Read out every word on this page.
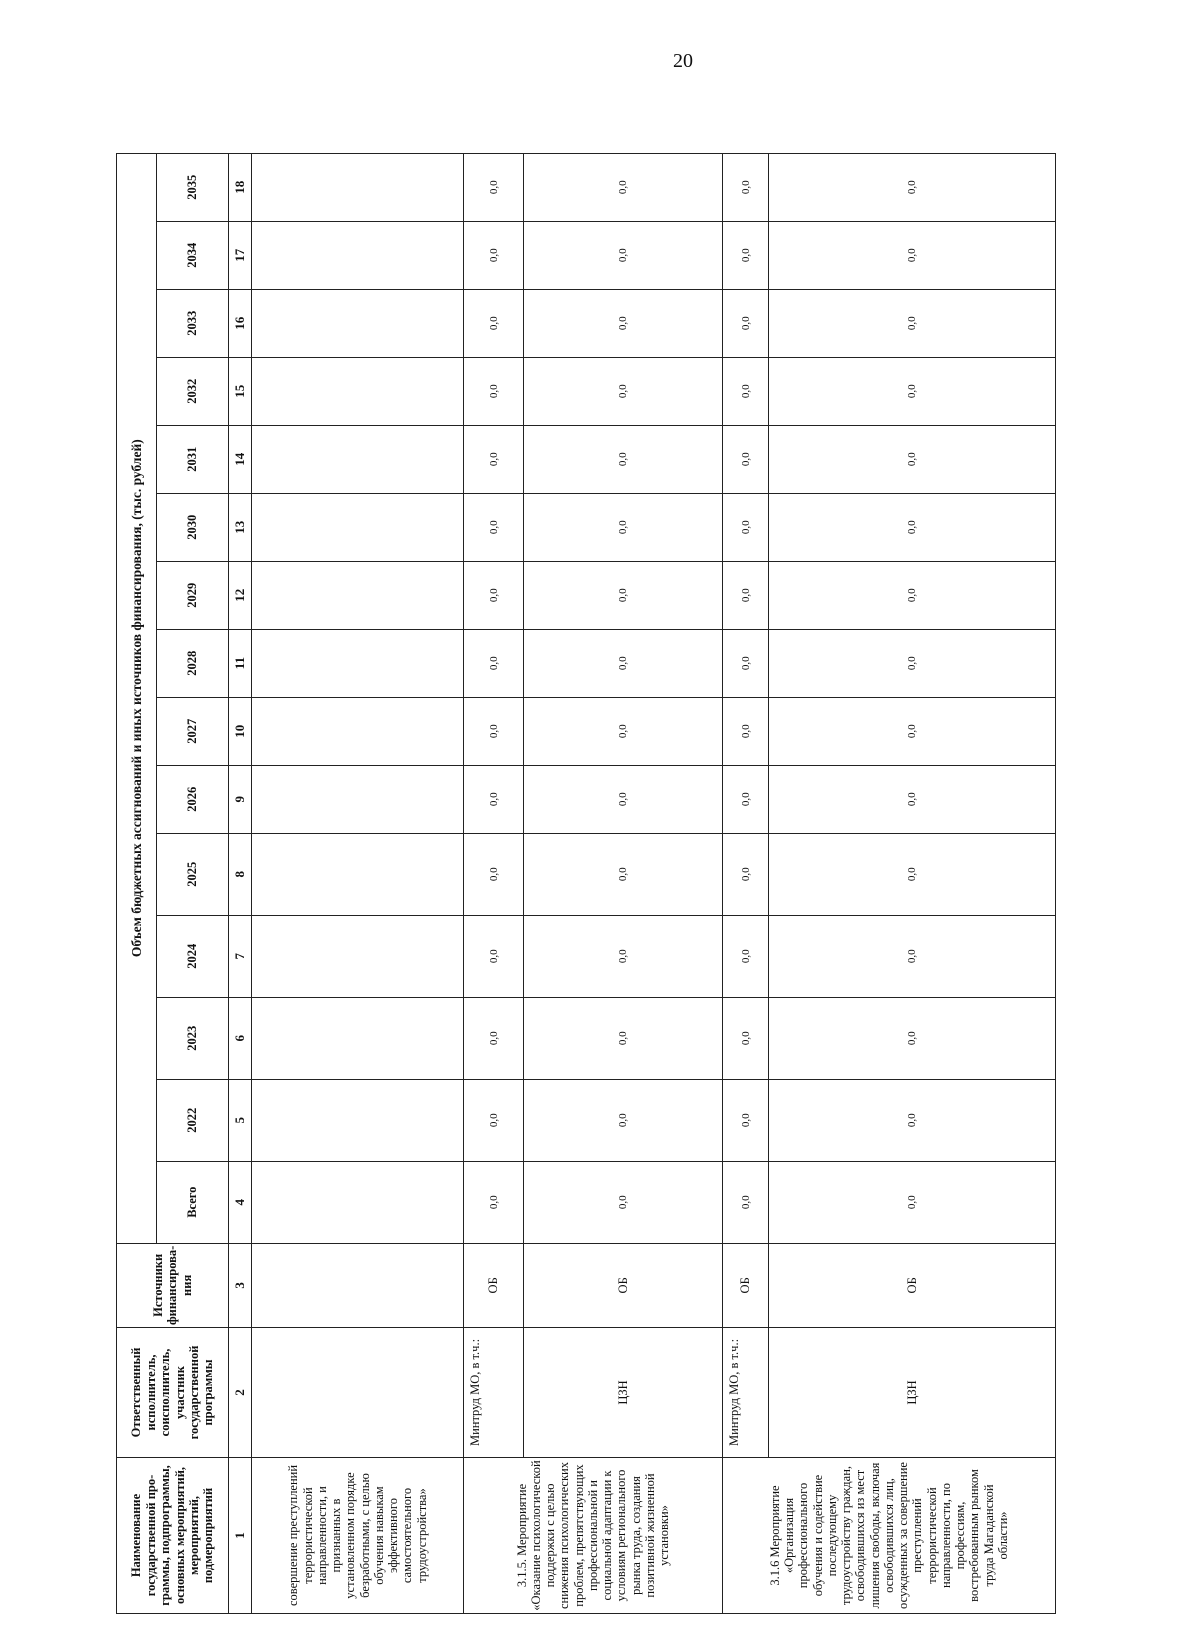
20
Наименование государственной про-граммы, подпрограммы, основных мероприятий, мероприятий, подмероприятий	Ответственный исполнитель, соисполнитель, участник государственной программы	Источники финансирова-ния	Объем бюджетных ассигнований и иных источников финансирования, (тыс. рублей)														
			Всего	2022	2023	2024	2025	2026	2027	2028	2029	2030	2031	2032	2033	2034	2035
1	2	3	4	5	6	7	8	9	10	11	12	13	14	15	16	17	18
совершение преступлений террористической направленности, и признанных в установленном порядке безработными, с целью обучения навыкам эффективного самостоятельного трудоустройства»																	
3.1.5. Мероприятие «Оказание психологической поддержки с целью снижения психологических проблем, препятствующих профессиональной и социальной адаптации к условиям регионального рынка труда, создания позитивной жизненной установки»	Минтруд МО, в т.ч.:	ОБ	0,0	0,0	0,0	0,0	0,0	0,0	0,0	0,0	0,0	0,0	0,0	0,0	0,0	0,0	0,0
	ЦЗН	ОБ	0,0	0,0	0,0	0,0	0,0	0,0	0,0	0,0	0,0	0,0	0,0	0,0	0,0	0,0	0,0
3.1.6 Мероприятие «Организация профессионального обучения и содействие последующему трудоустройству граждан, освободившихся из мест лишения свободы, включая освободившихся лиц, осужденных за совершение преступлений террористической направленности, по профессиям, востребованным рынком труда Магаданской области»	Минтруд МО, в т.ч.:	ОБ	0,0	0,0	0,0	0,0	0,0	0,0	0,0	0,0	0,0	0,0	0,0	0,0	0,0	0,0	0,0
	ЦЗН	ОБ	0,0	0,0	0,0	0,0	0,0	0,0	0,0	0,0	0,0	0,0	0,0	0,0	0,0	0,0	0,0
